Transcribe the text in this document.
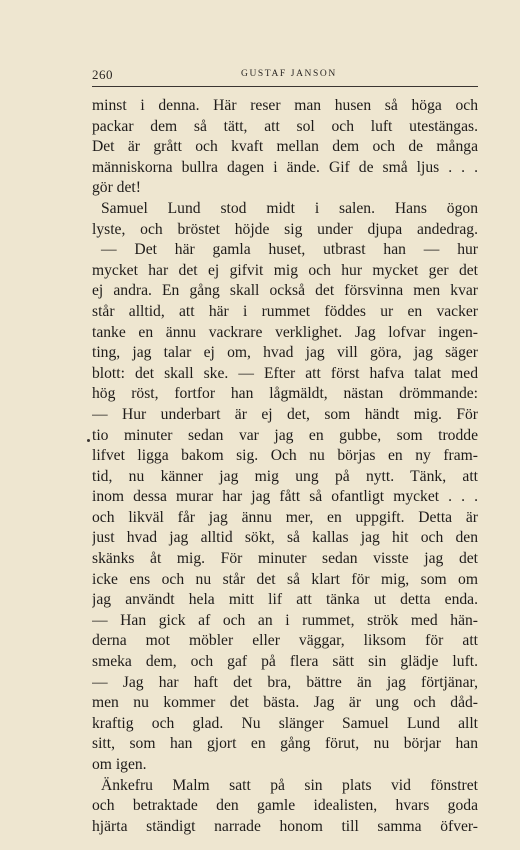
260	GUSTAF JANSON
minst i denna. Här reser man husen så höga och
packar dem så tätt, att sol och luft utestängas.
Det är grått och kvaft mellan dem och de många
människorna bullra dagen i ände. Gif de små ljus . . .
gör det!
Samuel Lund stod midt i salen. Hans ögon
lyste, och bröstet höjde sig under djupa andedrag.
— Det här gamla huset, utbrast han — hur
mycket har det ej gifvit mig och hur mycket ger det
ej andra. En gång skall också det försvinna men kvar
står alltid, att här i rummet föddes ur en vacker
tanke en ännu vackrare verklighet. Jag lofvar ingen-
ting, jag talar ej om, hvad jag vill göra, jag säger
blott: det skall ske. — Efter att först hafva talat med
hög röst, fortfor han lågmäldt, nästan drömmande:
— Hur underbart är ej det, som händt mig. För
tio minuter sedan var jag en gubbe, som trodde
lifvet ligga bakom sig. Och nu börjas en ny fram-
tid, nu känner jag mig ung på nytt. Tänk, att
inom dessa murar har jag fått så ofantligt mycket . . .
och likväl får jag ännu mer, en uppgift. Detta är
just hvad jag alltid sökt, så kallas jag hit och den
skänks åt mig. För minuter sedan visste jag det
icke ens och nu står det så klart för mig, som om
jag användt hela mitt lif att tänka ut detta enda.
— Han gick af och an i rummet, strök med hän-
derna mot möbler eller väggar, liksom för att
smeka dem, och gaf på flera sätt sin glädje luft.
— Jag har haft det bra, bättre än jag förtjänar,
men nu kommer det bästa. Jag är ung och dåd-
kraftig och glad. Nu slänger Samuel Lund allt
sitt, som han gjort en gång förut, nu börjar han
om igen.
Änkefru Malm satt på sin plats vid fönstret
och betraktade den gamle idealisten, hvars goda
hjärta ständigt narrade honom till samma öfver-
